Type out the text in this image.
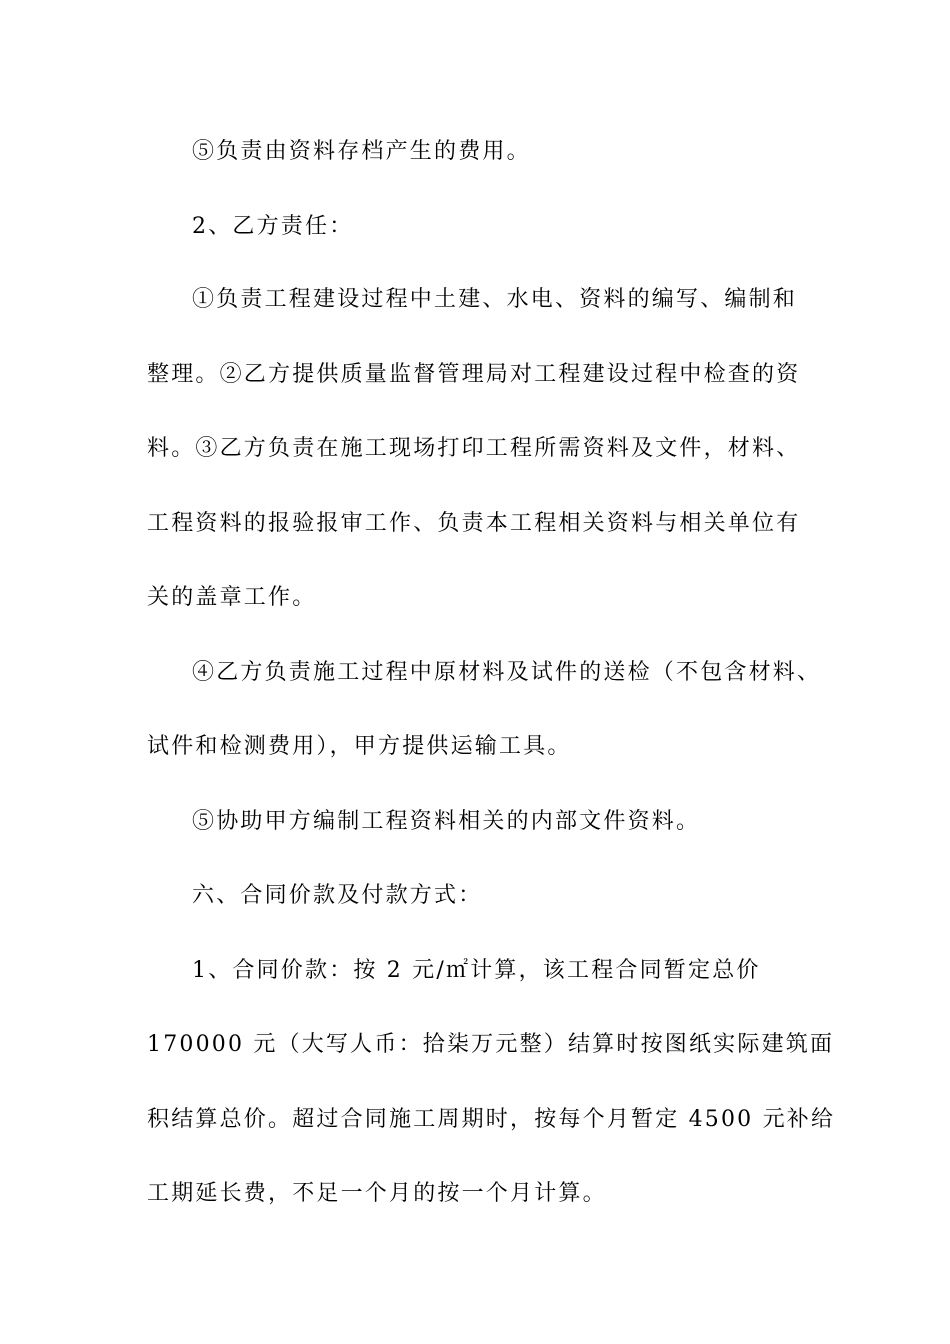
⑤负责由资料存档产生的费用。
2、乙方责任：
①负责工程建设过程中土建、水电、资料的编写、编制和
整理。②乙方提供质量监督管理局对工程建设过程中检查的资
料。③乙方负责在施工现场打印工程所需资料及文件，材料、
工程资料的报验报审工作、负责本工程相关资料与相关单位有
关的盖章工作。
④乙方负责施工过程中原材料及试件的送检（不包含材料、
试件和检测费用），甲方提供运输工具。
⑤协助甲方编制工程资料相关的内部文件资料。
六、合同价款及付款方式：
1、合同价款：按 2 元/㎡计算，该工程合同暂定总价
170000 元（大写人币：拾柒万元整）结算时按图纸实际建筑面
积结算总价。超过合同施工周期时，按每个月暂定 4500 元补给
工期延长费，不足一个月的按一个月计算。
